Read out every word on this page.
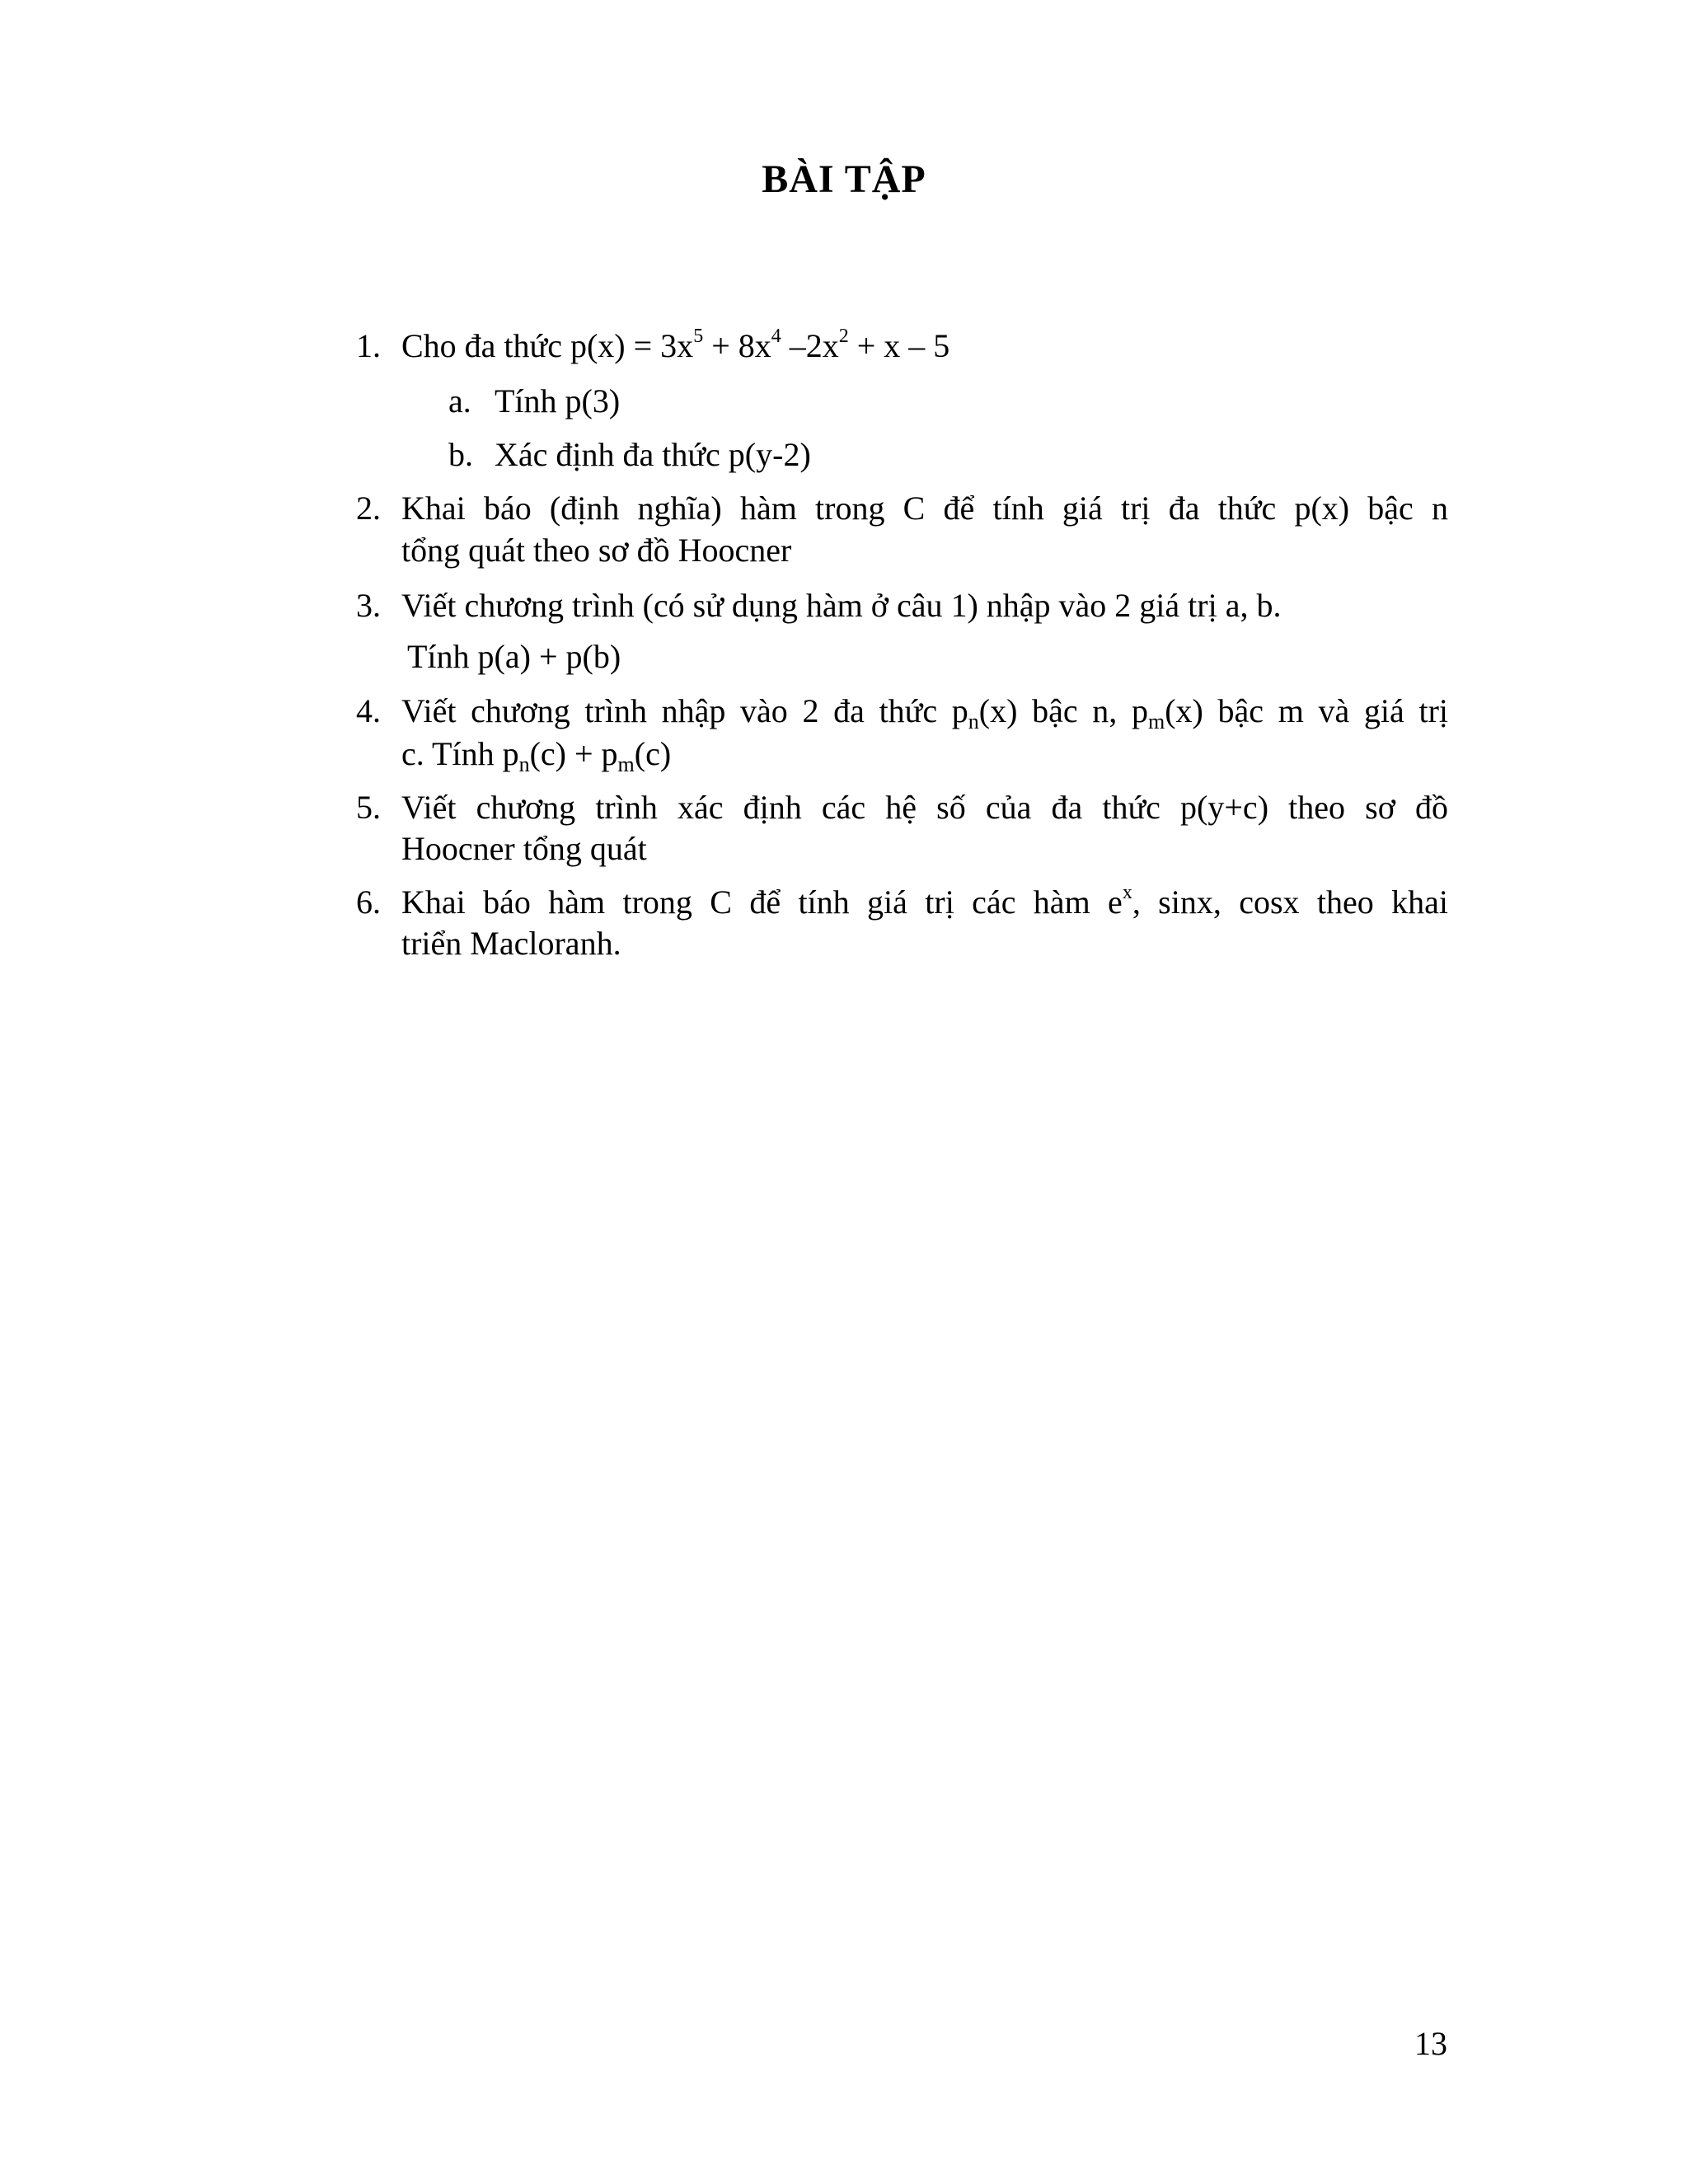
BÀI TẬP
1. Cho đa thức $p(x) = 3x^5 + 8x^4$ $-2x^2 + x - 5$
a. Tính p(3)
b. Xác định đa thức p(y-2)
2. Khai báo (định nghĩa) hàm trong C để tính giá trị đa thức p(x) bậc n
tổng quát theo sơ đồ Hoocner
3. Viết chương trình (có sử dụng hàm ở câu 1) nhập vào 2 giá trị a, b.
Tính p(a) + p(b)
4. Viết chương trình nhập vào 2 đa thức $p_n(x)$ bậc n, $p_m(x)$ bậc m và giá trị
c. Tính $p_n(c) + p_m(c)$
5. Viết chương trình xác định các hệ số của đa thức p(y+c) theo sơ đồ
Hoocner tổng quát
6. Khai báo hàm trong C để tính giá trị các hàm $e^x$, sinx, cosx theo khai
triển Macloranh.
13
